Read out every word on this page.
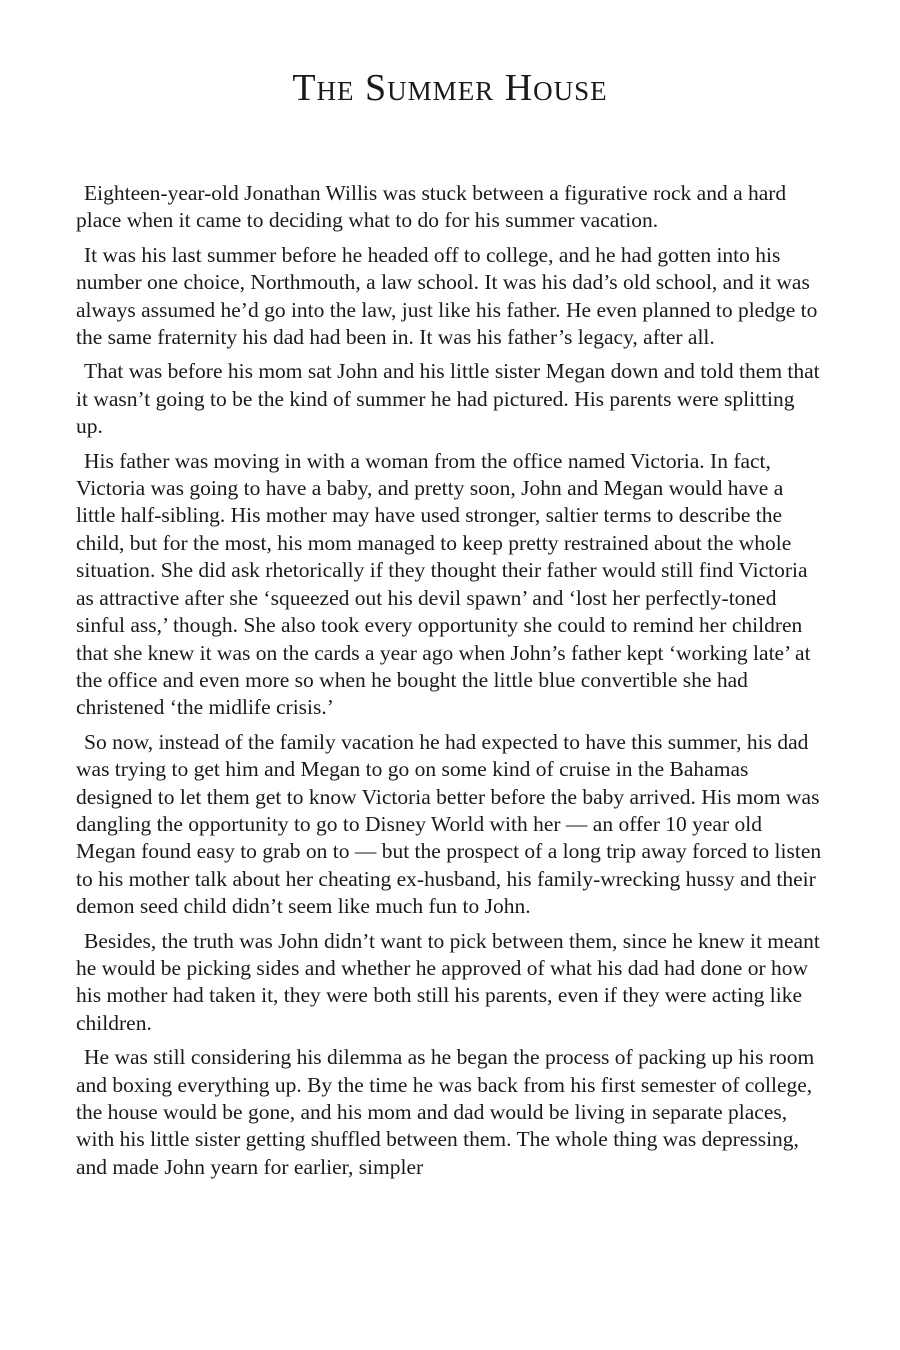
The Summer House

Eighteen-year-old Jonathan Willis was stuck between a figurative rock and a hard place when it came to deciding what to do for his summer vacation.

It was his last summer before he headed off to college, and he had gotten into his number one choice, Northmouth, a law school. It was his dad’s old school, and it was always assumed he’d go into the law, just like his father. He even planned to pledge to the same fraternity his dad had been in. It was his father’s legacy, after all.

That was before his mom sat John and his little sister Megan down and told them that it wasn’t going to be the kind of summer he had pictured. His parents were splitting up.

His father was moving in with a woman from the office named Victoria. In fact, Victoria was going to have a baby, and pretty soon, John and Megan would have a little half-sibling. His mother may have used stronger, saltier terms to describe the child, but for the most, his mom managed to keep pretty restrained about the whole situation. She did ask rhetorically if they thought their father would still find Victoria as attractive after she ‘squeezed out his devil spawn’ and ‘lost her perfectly-toned sinful ass,’ though. She also took every opportunity she could to remind her children that she knew it was on the cards a year ago when John’s father kept ‘working late’ at the office and even more so when he bought the little blue convertible she had christened ‘the midlife crisis.’

So now, instead of the family vacation he had expected to have this summer, his dad was trying to get him and Megan to go on some kind of cruise in the Bahamas designed to let them get to know Victoria better before the baby arrived. His mom was dangling the opportunity to go to Disney World with her — an offer 10 year old Megan found easy to grab on to — but the prospect of a long trip away forced to listen to his mother talk about her cheating ex-husband, his family-wrecking hussy and their demon seed child didn’t seem like much fun to John.

Besides, the truth was John didn’t want to pick between them, since he knew it meant he would be picking sides and whether he approved of what his dad had done or how his mother had taken it, they were both still his parents, even if they were acting like children.

He was still considering his dilemma as he began the process of packing up his room and boxing everything up. By the time he was back from his first semester of college, the house would be gone, and his mom and dad would be living in separate places, with his little sister getting shuffled between them. The whole thing was depressing, and made John yearn for earlier, simpler
